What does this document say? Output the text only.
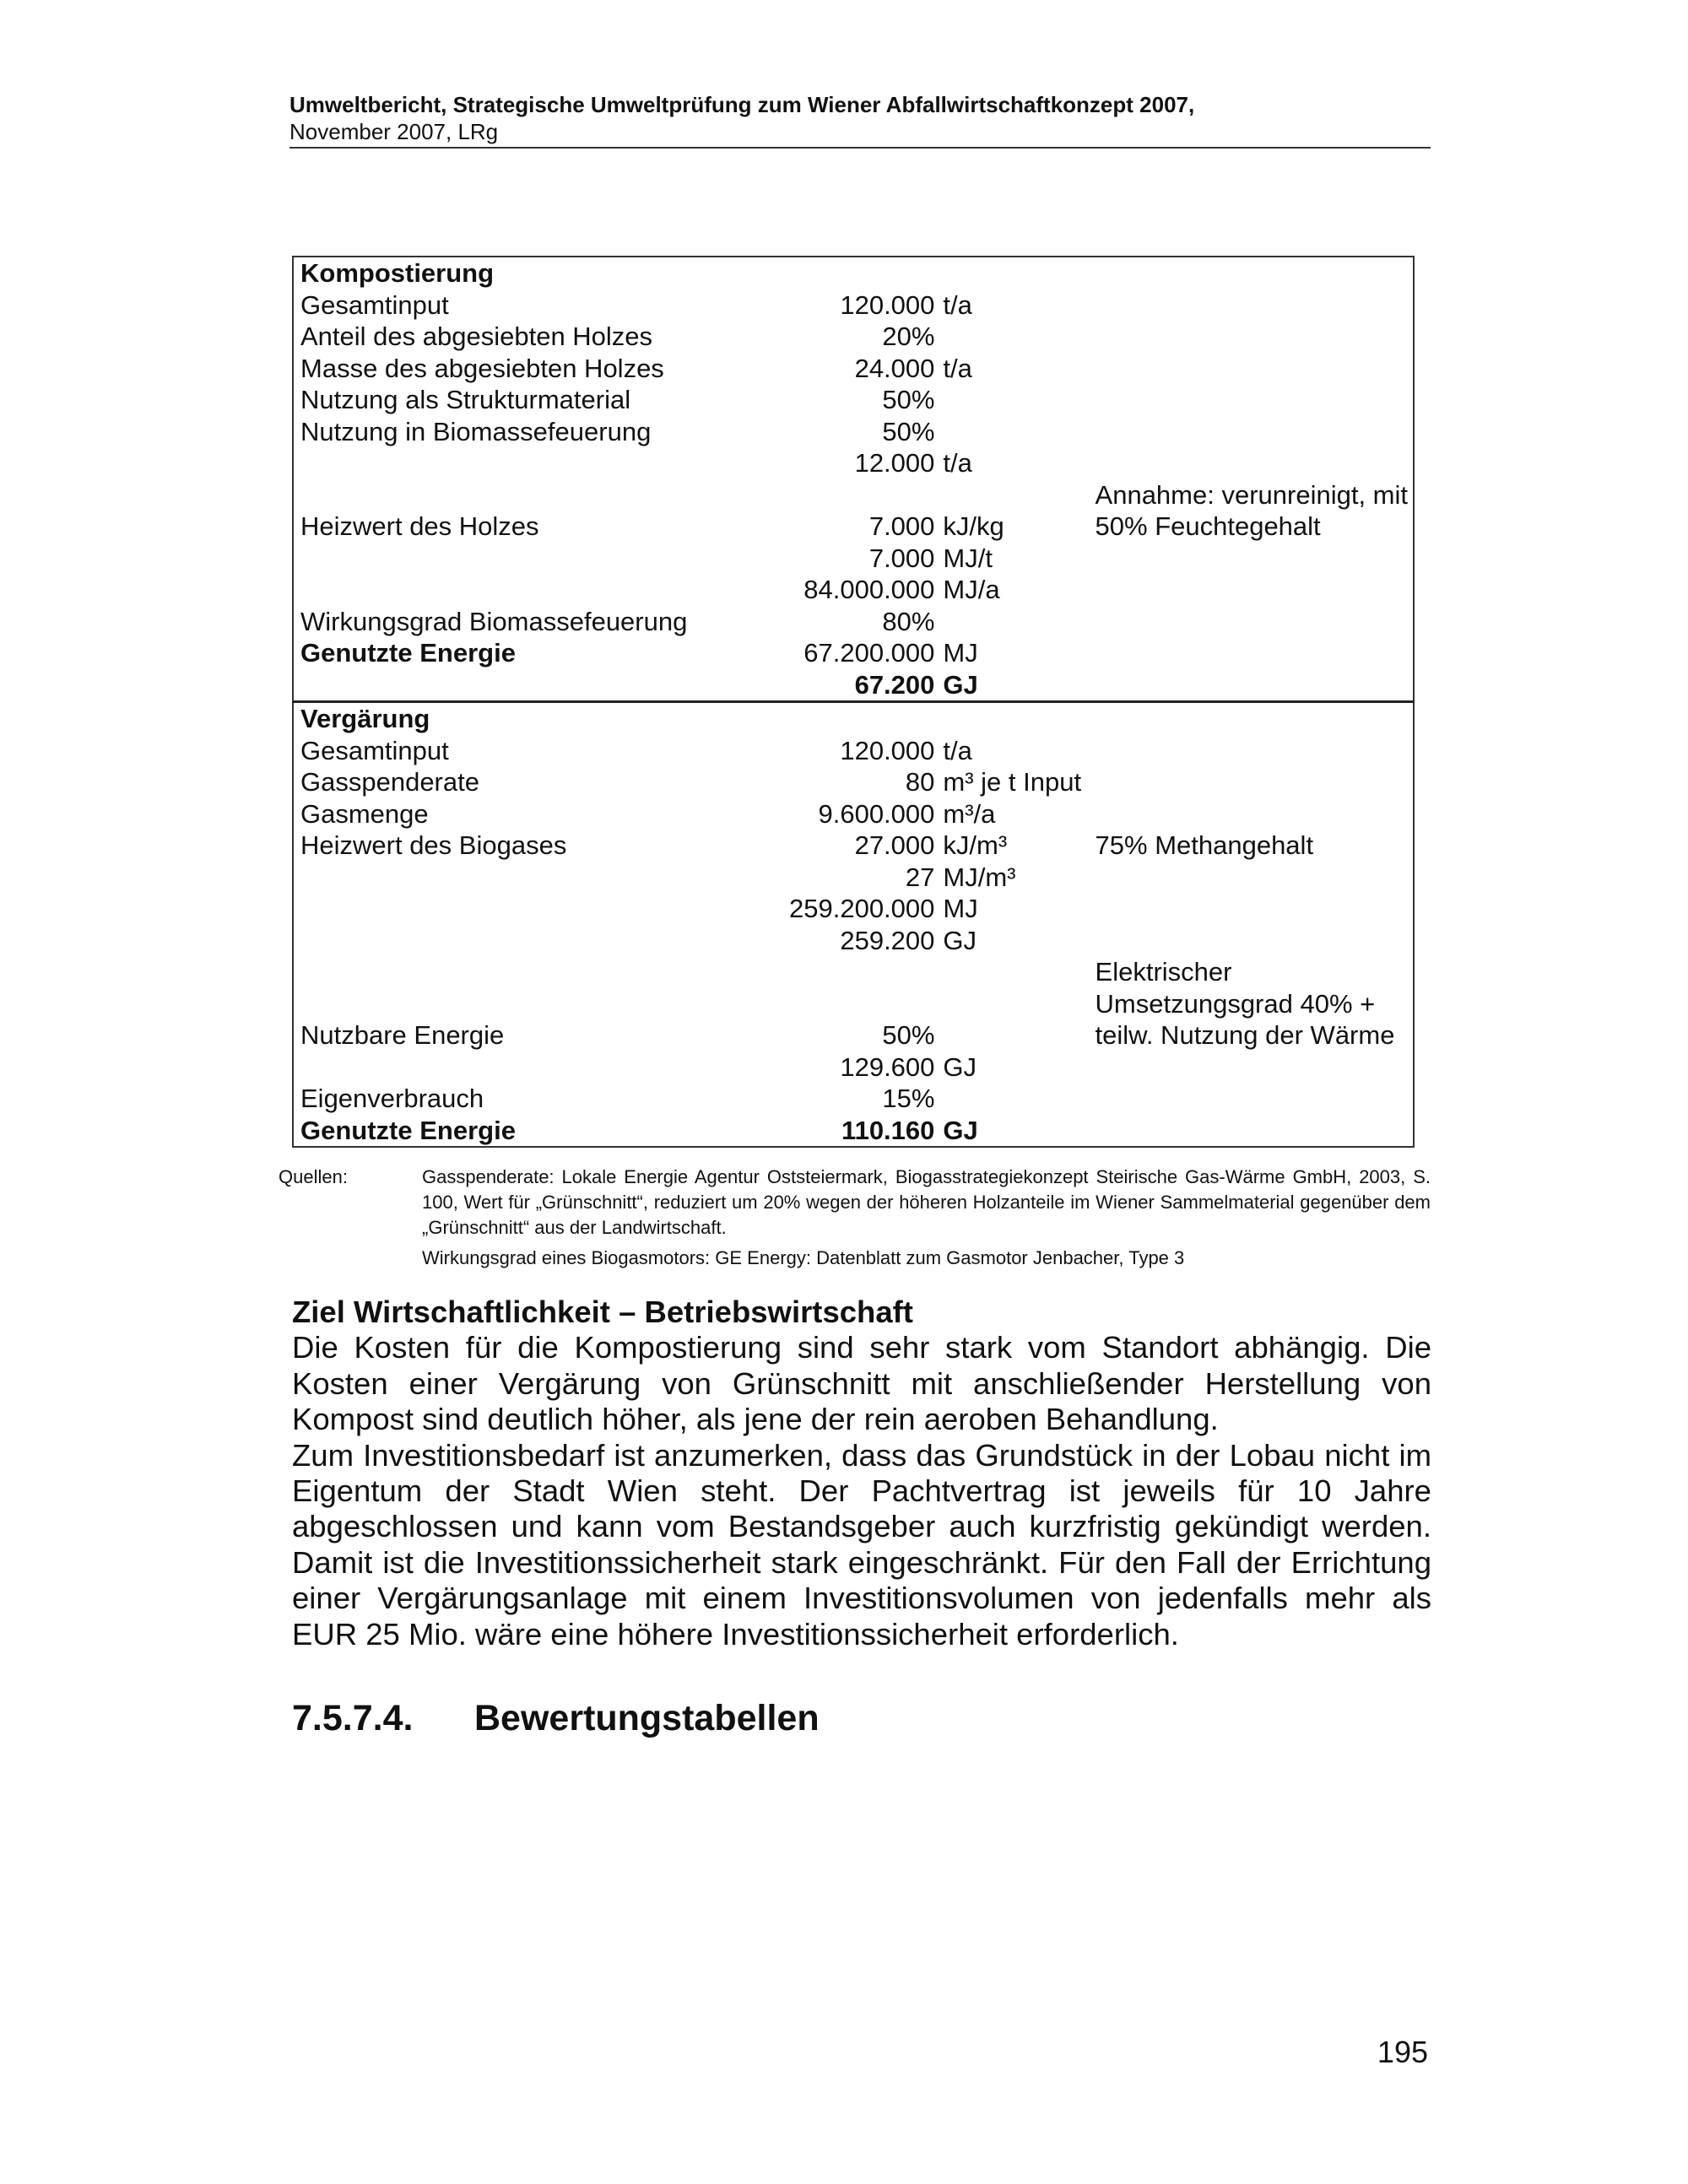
Umweltbericht, Strategische Umweltprüfung zum Wiener Abfallwirtschaftkonzept 2007,
November 2007, LRg
Kompostierung			
Gesamtinput	120.000	t/a	
Anteil des abgesiebten Holzes	20%		
Masse des abgesiebten Holzes	24.000	t/a	
Nutzung als Strukturmaterial	50%		
Nutzung in Biomassefeuerung	50%		
	12.000	t/a	
			Annahme: verunreinigt, mit
Heizwert des Holzes	7.000	kJ/kg	50% Feuchtegehalt
	7.000	MJ/t	
	84.000.000	MJ/a	
Wirkungsgrad Biomassefeuerung	80%		
Genutzte Energie	67.200.000	MJ	
	67.200	GJ	
Vergärung			
Gesamtinput	120.000	t/a	
Gasspenderate	80	m³ je t Input	
Gasmenge	9.600.000	m³/a	
Heizwert des Biogases	27.000	kJ/m³	75% Methangehalt
	27	MJ/m³	
	259.200.000	MJ	
	259.200	GJ	
			Elektrischer
			Umsetzungsgrad 40% +
Nutzbare Energie	50%		teilw. Nutzung der Wärme
	129.600	GJ	
Eigenverbrauch	15%		
Genutzte Energie	110.160	GJ	
Quellen:	Gasspenderate: Lokale Energie Agentur Oststeiermark, Biogasstrategiekonzept Steirische Gas-Wärme GmbH, 2003, S. 100, Wert für „Grünschnitt“, reduziert um 20% wegen der höheren Holzanteile im Wiener Sammelmaterial gegenüber dem „Grünschnitt“ aus der Landwirtschaft.
Wirkungsgrad eines Biogasmotors: GE Energy: Datenblatt zum Gasmotor Jenbacher, Type 3
Ziel Wirtschaftlichkeit – Betriebswirtschaft

Die Kosten für die Kompostierung sind sehr stark vom Standort abhängig. Die Kosten einer Vergärung von Grünschnitt mit anschließender Herstellung von Kompost sind deutlich höher, als jene der rein aeroben Behandlung.

Zum Investitionsbedarf ist anzumerken, dass das Grundstück in der Lobau nicht im Eigentum der Stadt Wien steht. Der Pachtvertrag ist jeweils für 10 Jahre abgeschlossen und kann vom Bestandsgeber auch kurzfristig gekündigt werden. Damit ist die Investitionssicherheit stark eingeschränkt. Für den Fall der Errichtung einer Vergärungsanlage mit einem Investitionsvolumen von jedenfalls mehr als EUR 25 Mio. wäre eine höhere Investitionssicherheit erforderlich.

7.5.7.4. Bewertungstabellen
195
